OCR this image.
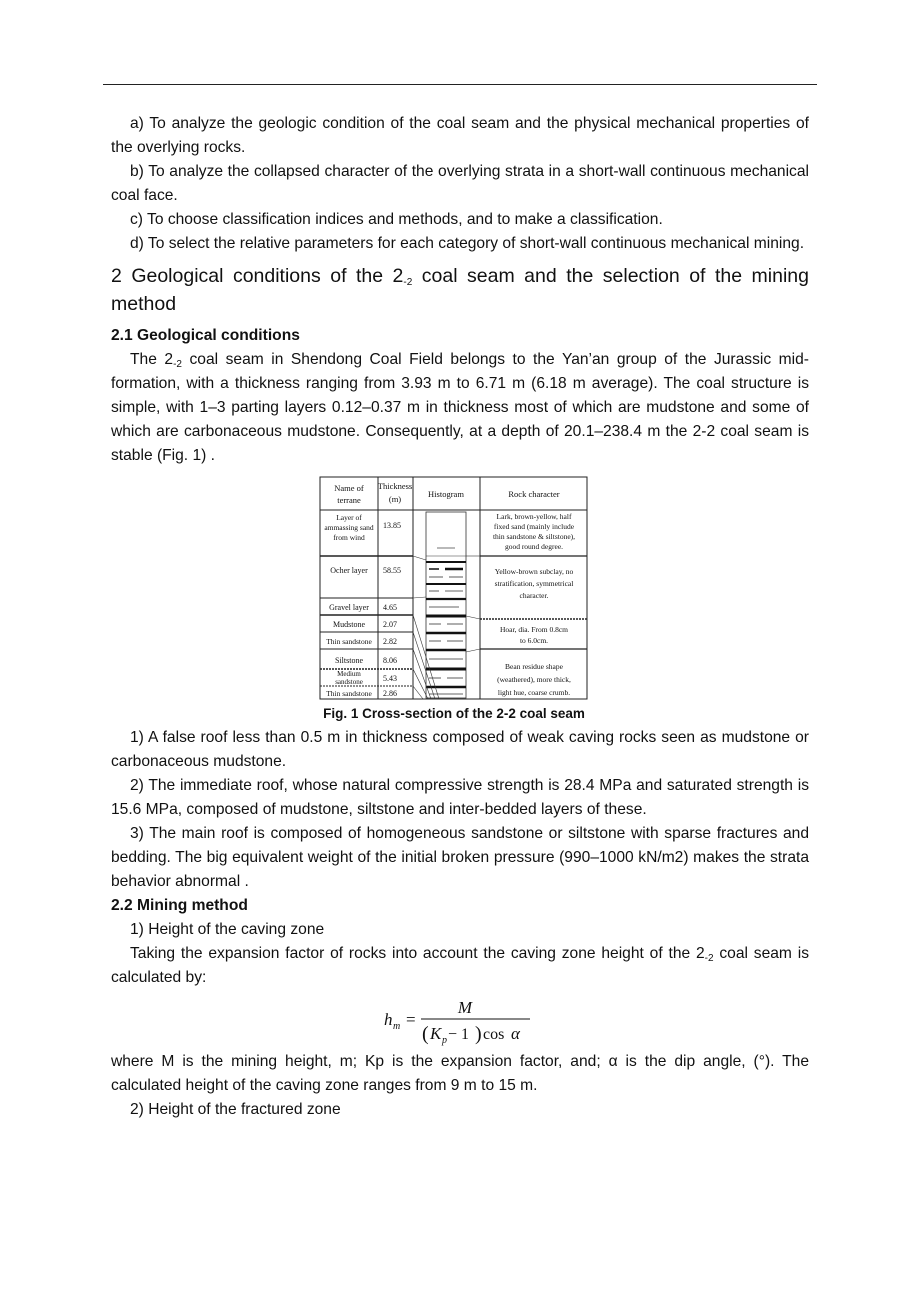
a) To analyze the geologic condition of the coal seam and the physical mechanical properties of the overlying rocks.

b) To analyze the collapsed character of the overlying strata in a short-wall continuous mechanical coal face.

c) To choose classification indices and methods, and to make a classification.

d) To select the relative parameters for each category of short-wall continuous mechanical mining.

2 Geological conditions of the $2_{-2}$ coal seam and the selection of the mining method
2.1 Geological conditions

The $2_{-2}$ coal seam in Shendong Coal Field belongs to the Yan’an group of the Jurassic mid-formation, with a thickness ranging from 3.93 m to 6.71 m (6.18 m average). The coal structure is simple, with 1–3 parting layers 0.12–0.37 m in thickness most of which are mudstone and some of which are carbonaceous mudstone. Consequently, at a depth of 20.1–238.4 m the 2-2 coal seam is stable (Fig. 1) .

Name of
terrane
Thickness
(m)	Histogram	Rock character
Layer of
ammassing sand
from wind
Ocher layer
Gravel layer
Mudstone
Thin sandstone
Siltstone
Medium
sandstone
Thin sandstone
13.85
58.55
4.65
2.07
2.82
8.06
5.43
2.86
Lark, brown-yellow, half
fixed sand (mainly include
thin sandstone & siltstone),
good round degree.
Yellow-brown subclay, no
stratification, symmetrical
character.
Hoar, dia. From 0.8cm
to 6.0cm.
Bean residue shape
(weathered), more thick,
light hue, coarse crumb.
Fig. 1 Cross-section of the 2-2 coal seam

1) A false roof less than 0.5 m in thickness composed of weak caving rocks seen as mudstone or carbonaceous mudstone.

2) The immediate roof, whose natural compressive strength is 28.4 MPa and saturated strength is 15.6 MPa, composed of mudstone, siltstone and inter-bedded layers of these.

3) The main roof is composed of homogeneous sandstone or siltstone with sparse fractures and bedding. The big equivalent weight of the initial broken pressure (990–1000 kN/m2) makes the strata behavior abnormal .

2.2 Mining method

1) Height of the caving zone

Taking the expansion factor of rocks into account the caving zone height of the $2_{-2}$ coal seam is calculated by:

h m =
M
( K p − 1 ) cos α

where M is the mining height, m; Kp is the expansion factor, and; α is the dip angle, (°). The calculated height of the caving zone ranges from 9 m to 15 m.

2) Height of the fractured zone
